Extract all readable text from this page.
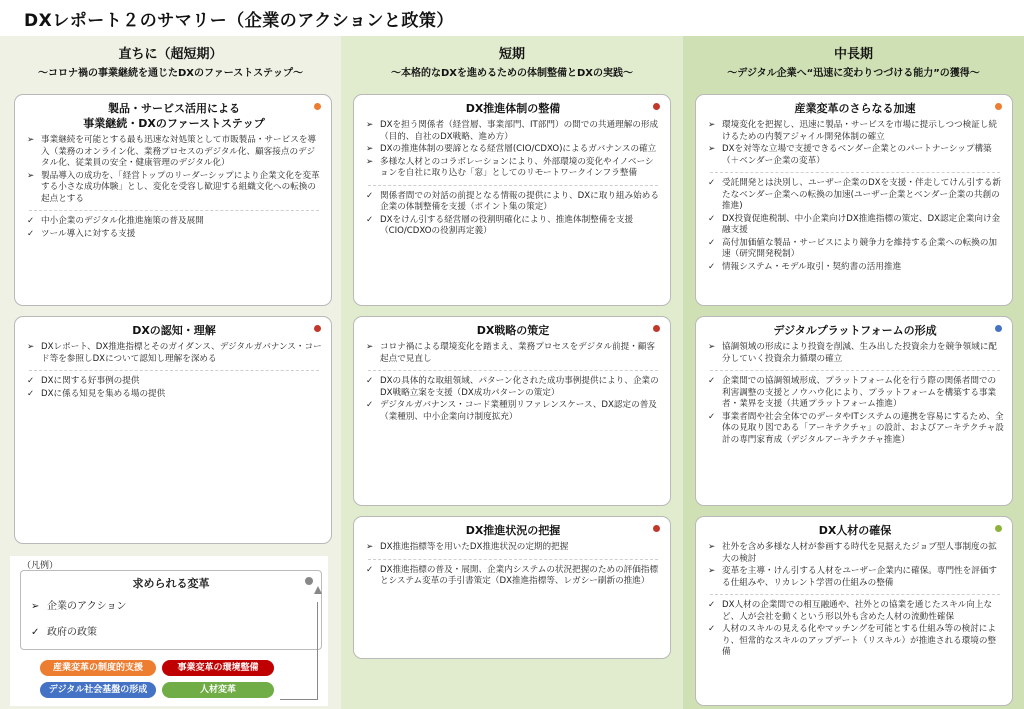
DXレポート２のサマリー（企業のアクションと政策）
直ちに（超短期）
～コロナ禍の事業継続を通じたDXのファーストステップ～
製品・サービス活用による
事業継続・DXのファーストステップ
➢ 事業継続を可能とする最も迅速な対処策として市販製品・サービスを導入（業務のオンライン化、業務プロセスのデジタル化、顧客接点のデジタル化、従業員の安全・健康管理のデジタル化）
➢ 製品導入の成功を、「経営トップのリーダーシップにより企業文化を変革する小さな成功体験」とし、変化を受容し歓迎する組織文化への転換の起点とする
✓ 中小企業のデジタル化推進施策の普及展開
✓ ツール導入に対する支援
DXの認知・理解
➢ DXレポート、DX推進指標とそのガイダンス、デジタルガバナンス・コード等を参照しDXについて認知し理解を深める
✓ DXに関する好事例の提供
✓ DXに係る知見を集める場の提供
短期
～本格的なDXを進めるための体制整備とDXの実践～
DX推進体制の整備
➢ DXを担う関係者（経営層、事業部門、IT部門）の間での共通理解の形成（目的、自社のDX戦略、進め方）
➢ DXの推進体制の要諦となる経営層(CIO/CDXO)によるガバナンスの確立
➢ 多様な人材とのコラボレーションにより、外部環境の変化やイノベーションを自社に取り込む「窓」としてのリモートワークインフラ整備
✓ 関係者間での対話の前提となる情報の提供により、DXに取り組み始める企業の体制整備を支援（ポイント集の策定）
✓ DXをけん引する経営層の役割明確化により、推進体制整備を支援（CIO/CDXOの役割再定義）
DX戦略の策定
➢ コロナ禍による環境変化を踏まえ、業務プロセスをデジタル前提・顧客起点で見直し
✓ DXの具体的な取組領域、パターン化された成功事例提供により、企業のDX戦略立案を支援（DX成功パターンの策定）
✓ デジタルガバナンス・コード業種別リファレンスケース、DX認定の普及（業種別、中小企業向け制度拡充）
DX推進状況の把握
➢ DX推進指標等を用いたDX推進状況の定期的把握
✓ DX推進指標の普及・展開、企業内システムの状況把握のための評価指標とシステム変革の手引書策定（DX推進指標等、レガシー刷新の推進）
中長期
～デジタル企業へ“迅速に変わりつづける能力”の獲得～
産業変革のさらなる加速
➢ 環境変化を把握し、迅速に製品・サービスを市場に提示しつつ検証し続けるための内製アジャイル開発体制の確立
➢ DXを対等な立場で支援できるベンダー企業とのパートナーシップ構築（＋ベンダー企業の変革）
✓ 受託開発とは決別し、ユーザー企業のDXを支援・伴走してけん引する新たなベンダー企業への転換の加速(ユーザー企業とベンダー企業の共創の推進)
✓ DX投資促進税制、中小企業向けDX推進指標の策定、DX認定企業向け金融支援
✓ 高付加価値な製品・サービスにより競争力を維持する企業への転換の加速（研究開発税制）
✓ 情報システム・モデル取引・契約書の活用推進
デジタルプラットフォームの形成
➢ 協調領域の形成により投資を削減、生み出した投資余力を競争領域に配分していく投資余力循環の確立
✓ 企業間での協調領域形成、プラットフォーム化を行う際の関係者間での利害調整の支援とノウハウ化により、プラットフォームを構築する事業者・業界を支援（共通プラットフォーム推進）
✓ 事業者間や社会全体でのデータやITシステムの連携を容易にするため、全体の見取り図である「アーキテクチャ」の設計、およびアーキテクチャ設計の専門家育成（デジタルアーキテクチャ推進）
DX人材の確保
➢ 社外を含め多様な人材が参画する時代を見据えたジョブ型人事制度の拡大の検討
➢ 変革を主導・けん引する人材をユーザー企業内に確保。専門性を評価する仕組みや、リカレント学習の仕組みの整備
✓ DX人材の企業間での相互融通や、社外との協業を通じたスキル向上など、人が会社を動くという形以外も含めた人材の流動性確保
✓ 人材のスキルの見える化やマッチングを可能とする仕組み等の検討により、恒常的なスキルのアップデート（リスキル）が推進される環境の整備
（凡例）
求められる変革
➢ 企業のアクション
✓ 政府の政策
産業変革の制度的支援	事業変革の環境整備
デジタル社会基盤の形成	人材変革
